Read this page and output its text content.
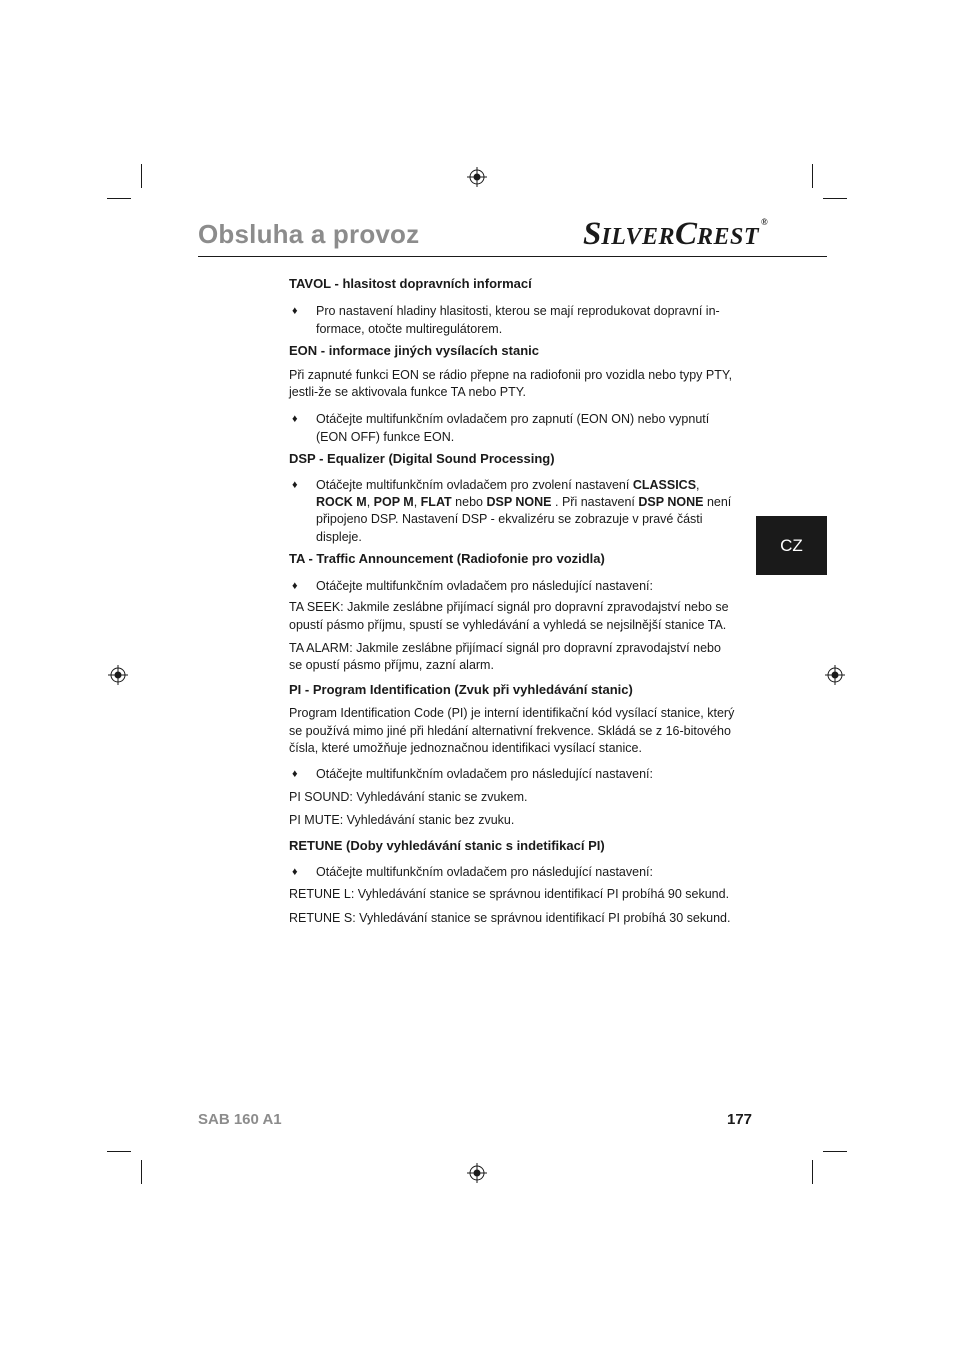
Obsluha a provoz	SILVERCREST®
CZ
TAVOL - hlasitost dopravních informací
♦ Pro nastavení hladiny hlasitosti, kterou se mají reprodukovat dopravní in-formace, otočte multiregulátorem.
EON - informace jiných vysílacích stanic

Při zapnuté funkci EON se rádio přepne na radiofonii pro vozidla nebo typy PTY, jestli-že se aktivovala funkce TA nebo PTY.

♦ Otáčejte multifunkčním ovladačem pro zapnutí (EON ON) nebo vypnutí (EON OFF) funkce EON.
DSP - Equalizer (Digital Sound Processing)
♦ Otáčejte multifunkčním ovladačem pro zvolení nastavení CLASSICS, ROCK M, POP M, FLAT nebo DSP NONE . Při nastavení DSP NONE není připojeno DSP. Nastavení DSP - ekvalizéru se zobrazuje v pravé části displeje.
TA - Traffic Announcement (Radiofonie pro vozidla)
♦ Otáčejte multifunkčním ovladačem pro následující nastavení:

TA SEEK: Jakmile zeslábne přijímací signál pro dopravní zpravodajství nebo se opustí pásmo příjmu, spustí se vyhledávání a vyhledá se nejsilnější stanice TA.

TA ALARM: Jakmile zeslábne přijímací signál pro dopravní zpravodajství nebo se opustí pásmo příjmu, zazní alarm.

PI - Program Identification (Zvuk při vyhledávání stanic)

Program Identification Code (PI) je interní identifikační kód vysílací stanice, který se používá mimo jiné při hledání alternativní frekvence. Skládá se z 16-bitového čísla, které umožňuje jednoznačnou identifikaci vysílací stanice.

♦ Otáčejte multifunkčním ovladačem pro následující nastavení:

PI SOUND: Vyhledávání stanic se zvukem.

PI MUTE: Vyhledávání stanic bez zvuku.

RETUNE (Doby vyhledávání stanic s indetifikací PI)
♦ Otáčejte multifunkčním ovladačem pro následující nastavení:

RETUNE L: Vyhledávání stanice se správnou identifikací PI probíhá 90 sekund.

RETUNE S: Vyhledávání stanice se správnou identifikací PI probíhá 30 sekund.

SAB 160 A1	177
